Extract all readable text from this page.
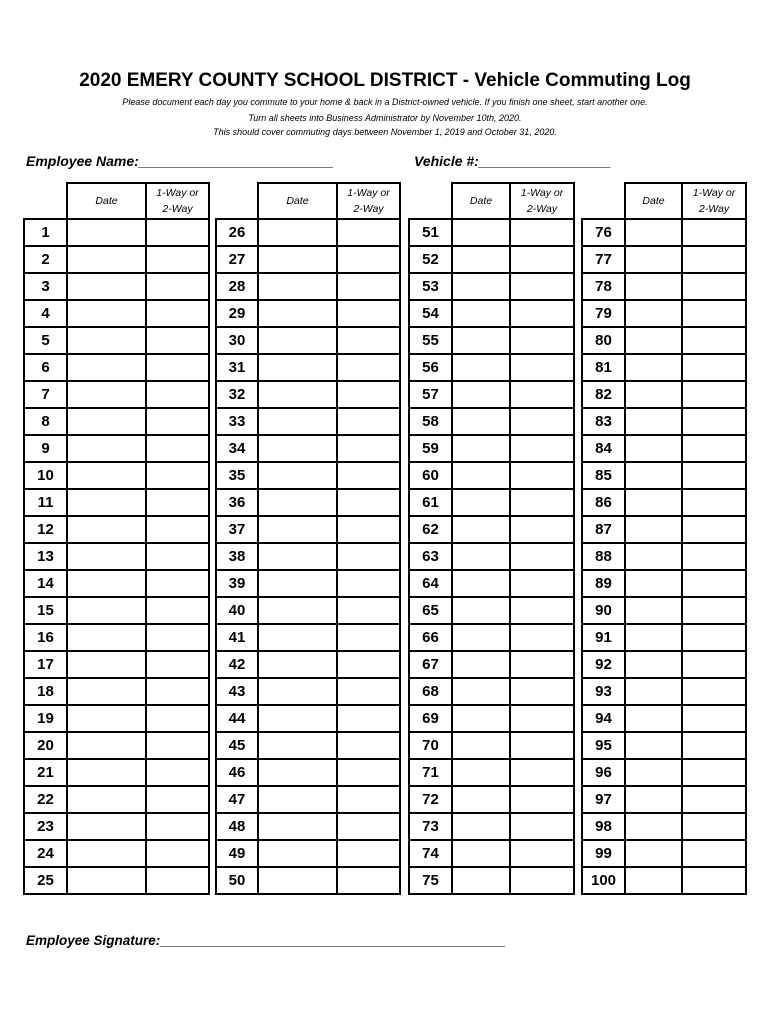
2020 EMERY COUNTY SCHOOL DISTRICT - Vehicle Commuting Log

Please document each day you commute to your home & back in a District-owned vehicle. If you finish one sheet, start another one.

Turn all sheets into Business Administrator by November 10th, 2020.

This should cover commuting days between November 1, 2019 and October 31, 2020.

Employee Name:_________________________	Vehicle #:_________________
	Date	1-Way or
2-Way
1		
2		
3		
4		
5		
6		
7		
8		
9		
10		
11		
12		
13		
14		
15		
16		
17		
18		
19		
20		
21		
22		
23		
24		
25		
	Date	1-Way or
2-Way
26		
27		
28		
29		
30		
31		
32		
33		
34		
35		
36		
37		
38		
39		
40		
41		
42		
43		
44		
45		
46		
47		
48		
49		
50		
	Date	1-Way or
2-Way
51		
52		
53		
54		
55		
56		
57		
58		
59		
60		
61		
62		
63		
64		
65		
66		
67		
68		
69		
70		
71		
72		
73		
74		
75		
	Date	1-Way or
2-Way
76		
77		
78		
79		
80		
81		
82		
83		
84		
85		
86		
87		
88		
89		
90		
91		
92		
93		
94		
95		
96		
97		
98		
99		
100		
Employee Signature:______________________________________________
